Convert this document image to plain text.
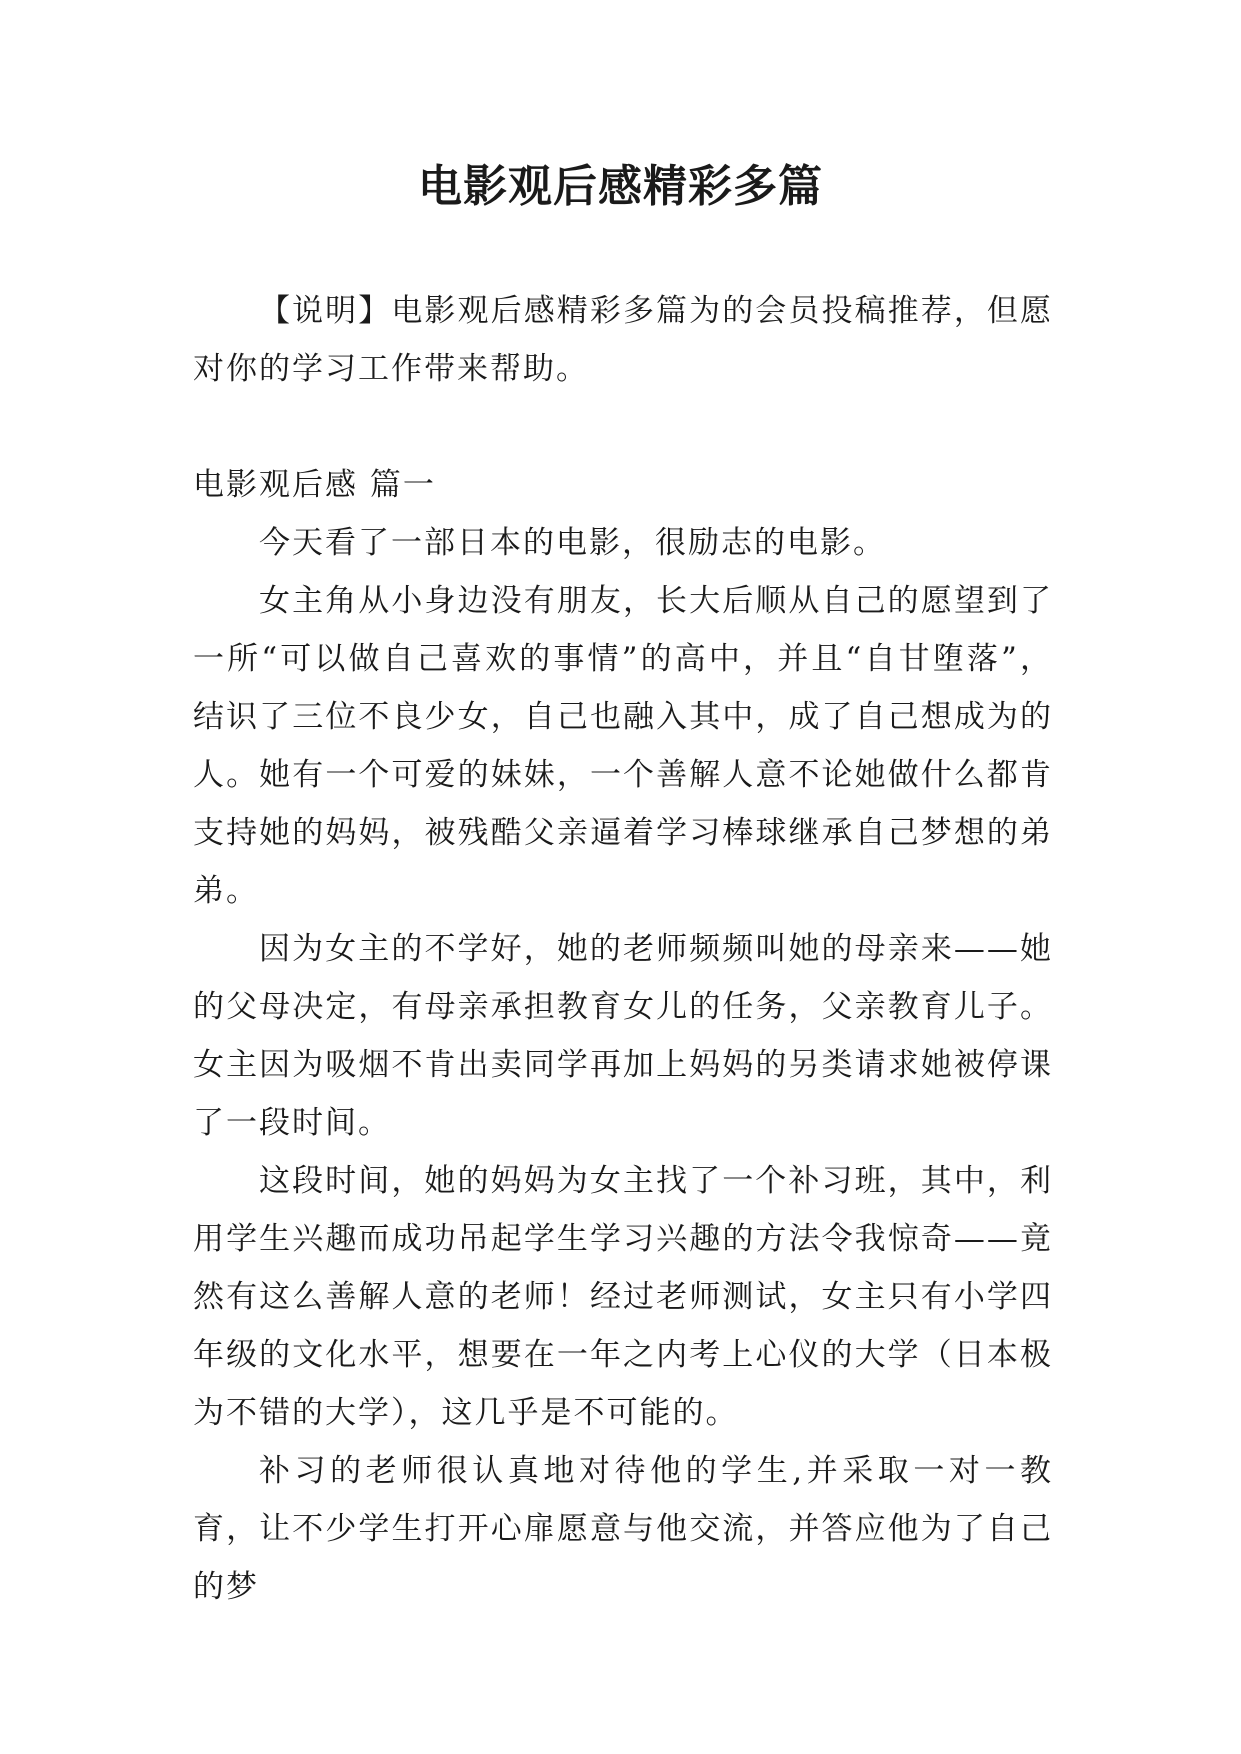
电影观后感精彩多篇

【说明】电影观后感精彩多篇为的会员投稿推荐，但愿对你的学习工作带来帮助。

电影观后感 篇一

今天看了一部日本的电影，很励志的电影。

女主角从小身边没有朋友，长大后顺从自己的愿望到了一所“可以做自己喜欢的事情”的高中，并且“自甘堕落”，结识了三位不良少女，自己也融入其中，成了自己想成为的人。她有一个可爱的妹妹，一个善解人意不论她做什么都肯支持她的妈妈，被残酷父亲逼着学习棒球继承自己梦想的弟弟。

因为女主的不学好，她的老师频频叫她的母亲来——她的父母决定，有母亲承担教育女儿的任务，父亲教育儿子。女主因为吸烟不肯出卖同学再加上妈妈的另类请求她被停课了一段时间。

这段时间，她的妈妈为女主找了一个补习班，其中，利用学生兴趣而成功吊起学生学习兴趣的方法令我惊奇——竟然有这么善解人意的老师！经过老师测试，女主只有小学四年级的文化水平，想要在一年之内考上心仪的大学（日本极为不错的大学），这几乎是不可能的。

补习的老师很认真地对待他的学生,并采取一对一教育，让不少学生打开心扉愿意与他交流，并答应他为了自己的梦
